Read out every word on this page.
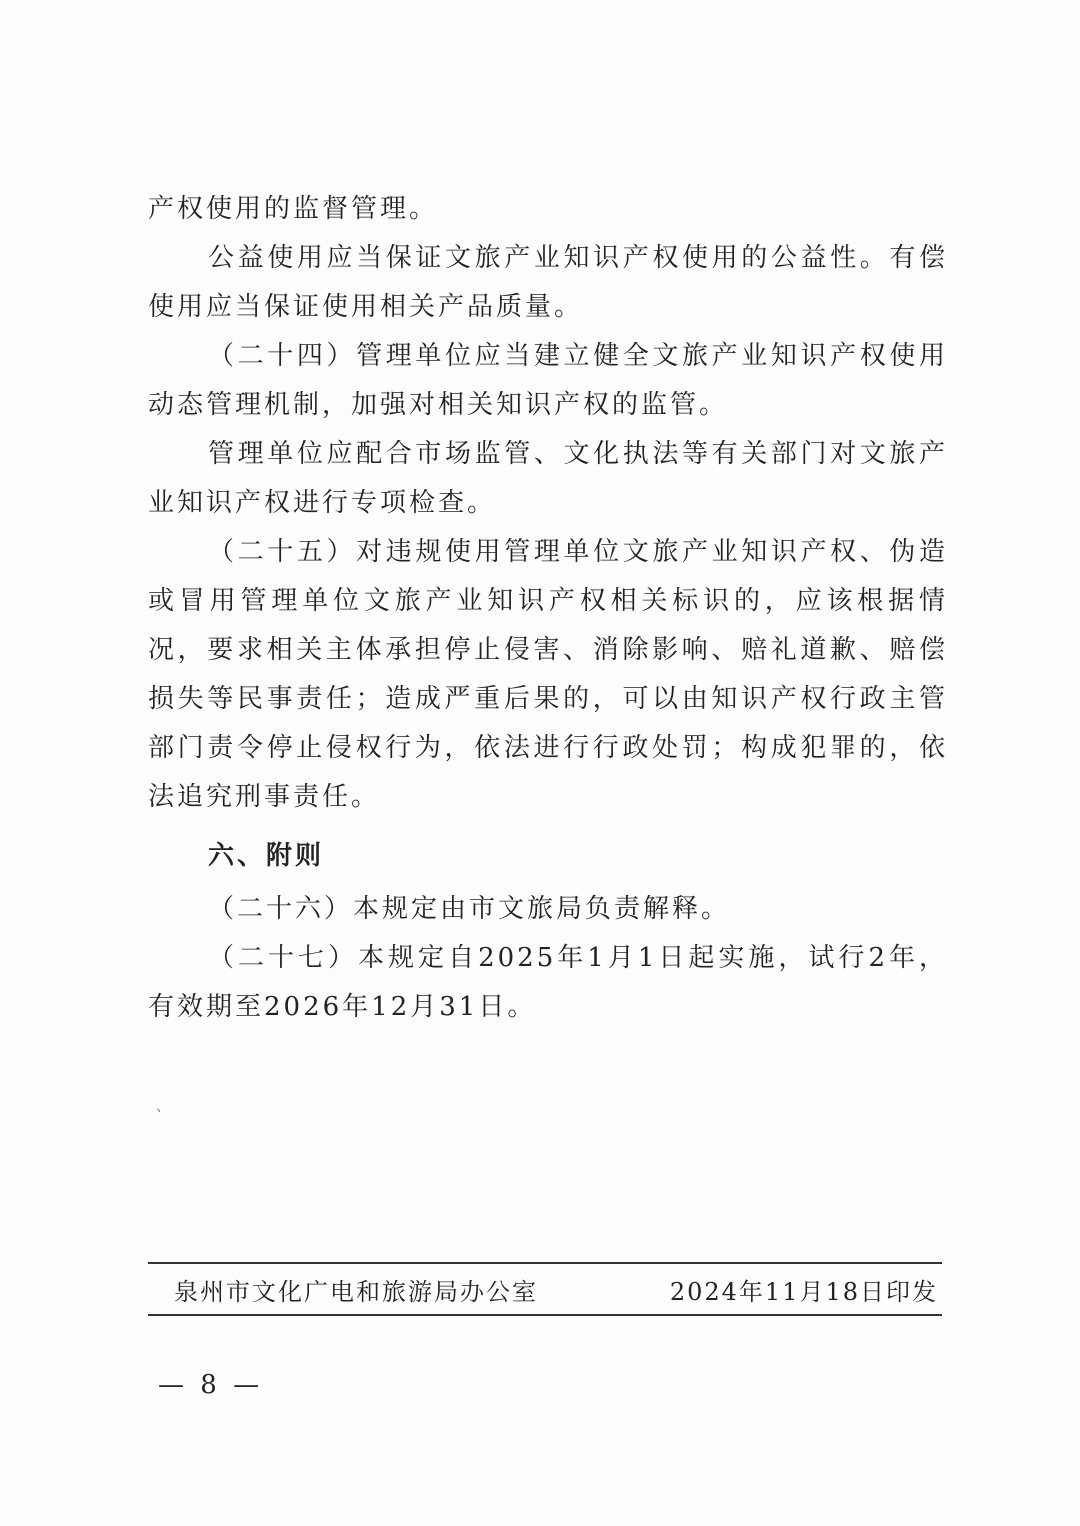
产权使用的监督管理。

公益使用应当保证文旅产业知识产权使用的公益性。有偿使用应当保证使用相关产品质量。

（二十四）管理单位应当建立健全文旅产业知识产权使用动态管理机制，加强对相关知识产权的监管。

管理单位应配合市场监管、文化执法等有关部门对文旅产业知识产权进行专项检查。

（二十五）对违规使用管理单位文旅产业知识产权、伪造或冒用管理单位文旅产业知识产权相关标识的，应该根据情况，要求相关主体承担停止侵害、消除影响、赔礼道歉、赔偿损失等民事责任；造成严重后果的，可以由知识产权行政主管部门责令停止侵权行为，依法进行行政处罚；构成犯罪的，依法追究刑事责任。

六、附则

（二十六）本规定由市文旅局负责解释。

（二十七）本规定自2025年1月1日起实施，试行2年，有效期至2026年12月31日。

、
泉州市文化广电和旅游局办公室	2024年11月18日印发
— 8 —
